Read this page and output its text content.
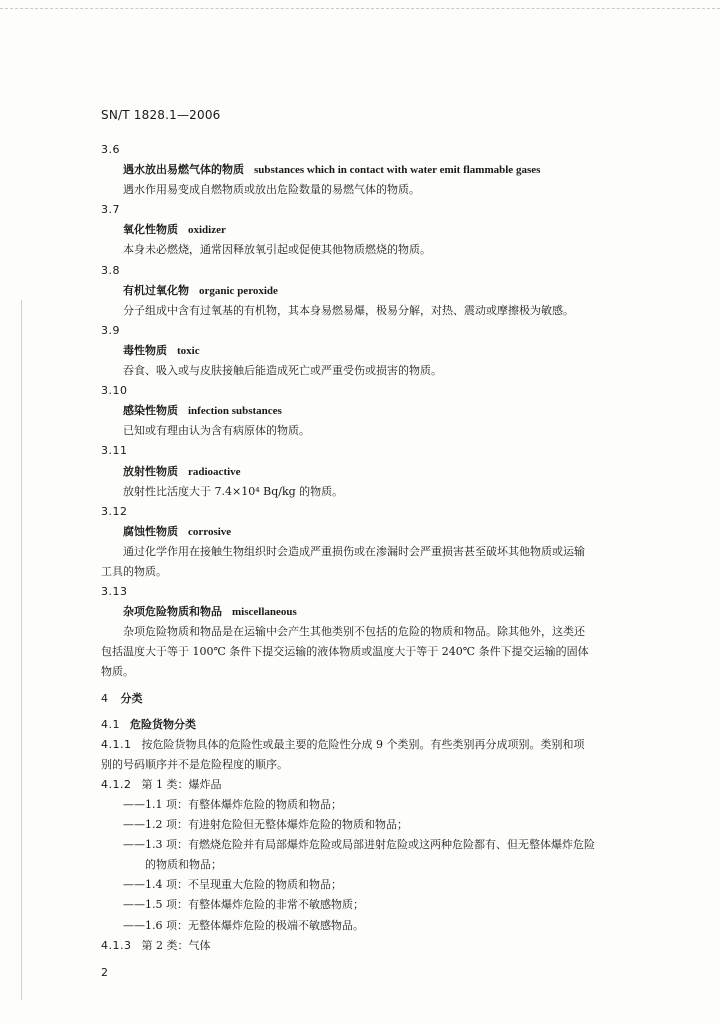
SN/T 1828.1—2006
3.6
遇水放出易燃气体的物质 substances which in contact with water emit flammable gases
遇水作用易变成自燃物质或放出危险数量的易燃气体的物质。
3.7
氧化性物质 oxidizer
本身未必燃烧，通常因释放氧引起或促使其他物质燃烧的物质。
3.8
有机过氧化物 organic peroxide
分子组成中含有过氧基的有机物，其本身易燃易爆，极易分解，对热、震动或摩擦极为敏感。
3.9
毒性物质 toxic
吞食、吸入或与皮肤接触后能造成死亡或严重受伤或损害的物质。
3.10
感染性物质 infection substances
已知或有理由认为含有病原体的物质。
3.11
放射性物质 radioactive
放射性比活度大于 7.4×10⁴ Bq/kg 的物质。
3.12
腐蚀性物质 corrosive
通过化学作用在接触生物组织时会造成严重损伤或在渗漏时会严重损害甚至破坏其他物质或运输
工具的物质。
3.13
杂项危险物质和物品 miscellaneous
杂项危险物质和物品是在运输中会产生其他类别不包括的危险的物质和物品。除其他外，这类还
包括温度大于等于 100℃ 条件下提交运输的液体物质或温度大于等于 240℃ 条件下提交运输的固体
物质。
4 分类
4.1 危险货物分类
4.1.1 按危险货物具体的危险性或最主要的危险性分成 9 个类别。有些类别再分成项别。类别和项
别的号码顺序并不是危险程度的顺序。
4.1.2 第 1 类：爆炸品
——1.1 项：有整体爆炸危险的物质和物品；
——1.2 项：有进射危险但无整体爆炸危险的物质和物品；
——1.3 项：有燃烧危险并有局部爆炸危险或局部进射危险或这两种危险都有、但无整体爆炸危险
的物质和物品；
——1.4 项：不呈现重大危险的物质和物品；
——1.5 项：有整体爆炸危险的非常不敏感物质；
——1.6 项：无整体爆炸危险的极端不敏感物品。
4.1.3 第 2 类：气体
2
